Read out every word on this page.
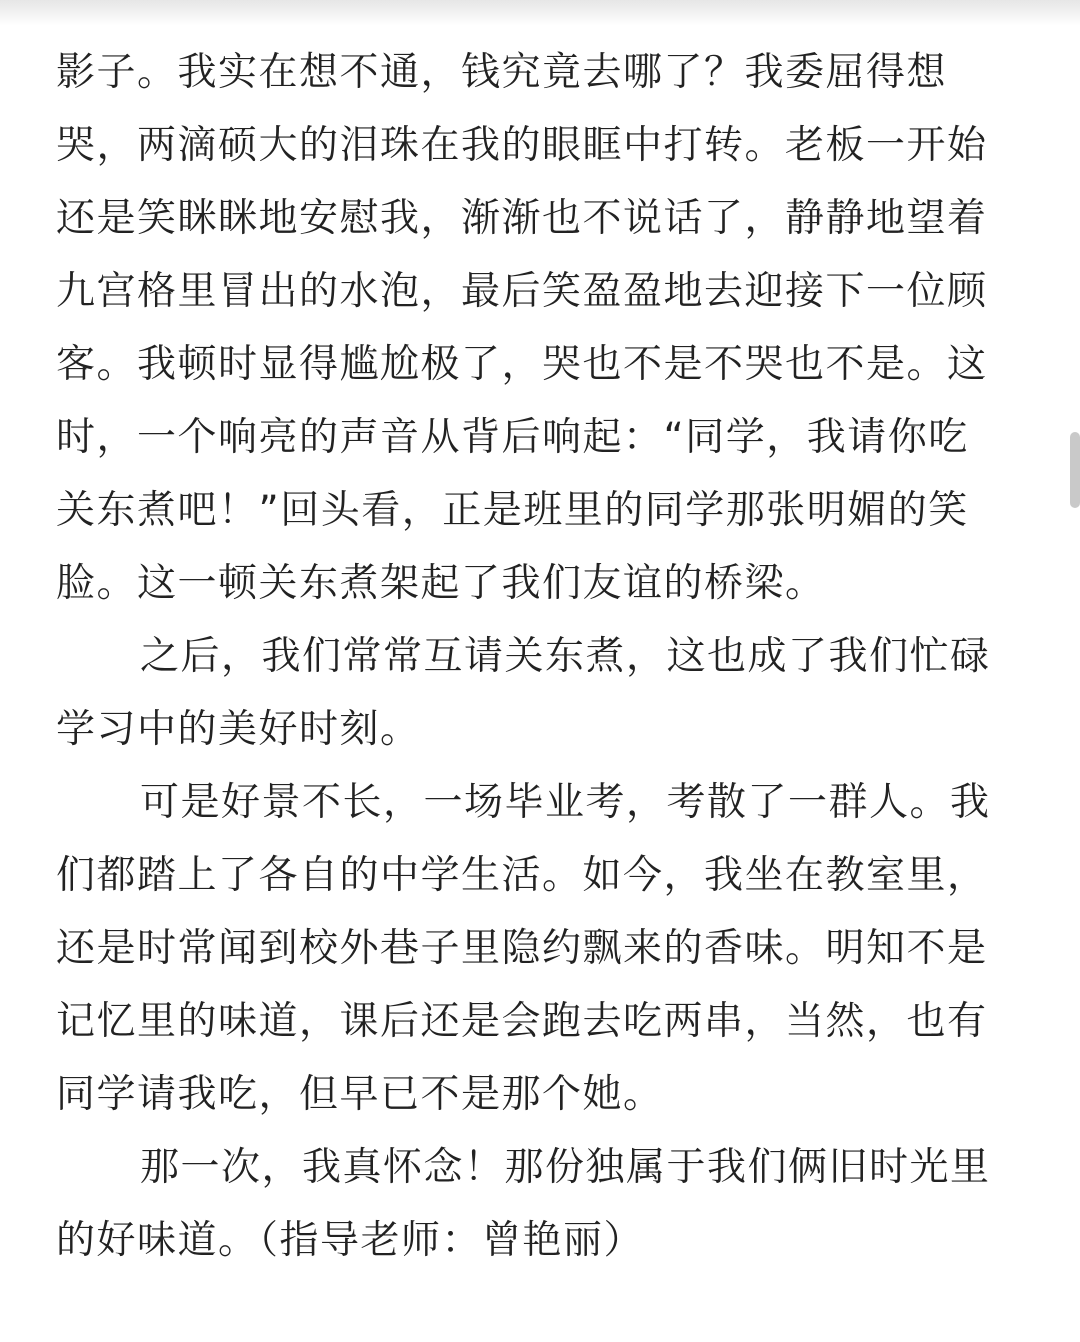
影子。我实在想不通，钱究竟去哪了？我委屈得想
哭，两滴硕大的泪珠在我的眼眶中打转。老板一开始
还是笑眯眯地安慰我，渐渐也不说话了，静静地望着
九宫格里冒出的水泡，最后笑盈盈地去迎接下一位顾
客。我顿时显得尴尬极了，哭也不是不哭也不是。这
时，一个响亮的声音从背后响起：“同学，我请你吃
关东煮吧！”回头看，正是班里的同学那张明媚的笑
脸。这一顿关东煮架起了我们友谊的桥梁。
之后，我们常常互请关东煮，这也成了我们忙碌
学习中的美好时刻。
可是好景不长，一场毕业考，考散了一群人。我
们都踏上了各自的中学生活。如今，我坐在教室里，
还是时常闻到校外巷子里隐约飘来的香味。明知不是
记忆里的味道，课后还是会跑去吃两串，当然，也有
同学请我吃，但早已不是那个她。
那一次，我真怀念！那份独属于我们俩旧时光里
的好味道。（指导老师：曾艳丽）
